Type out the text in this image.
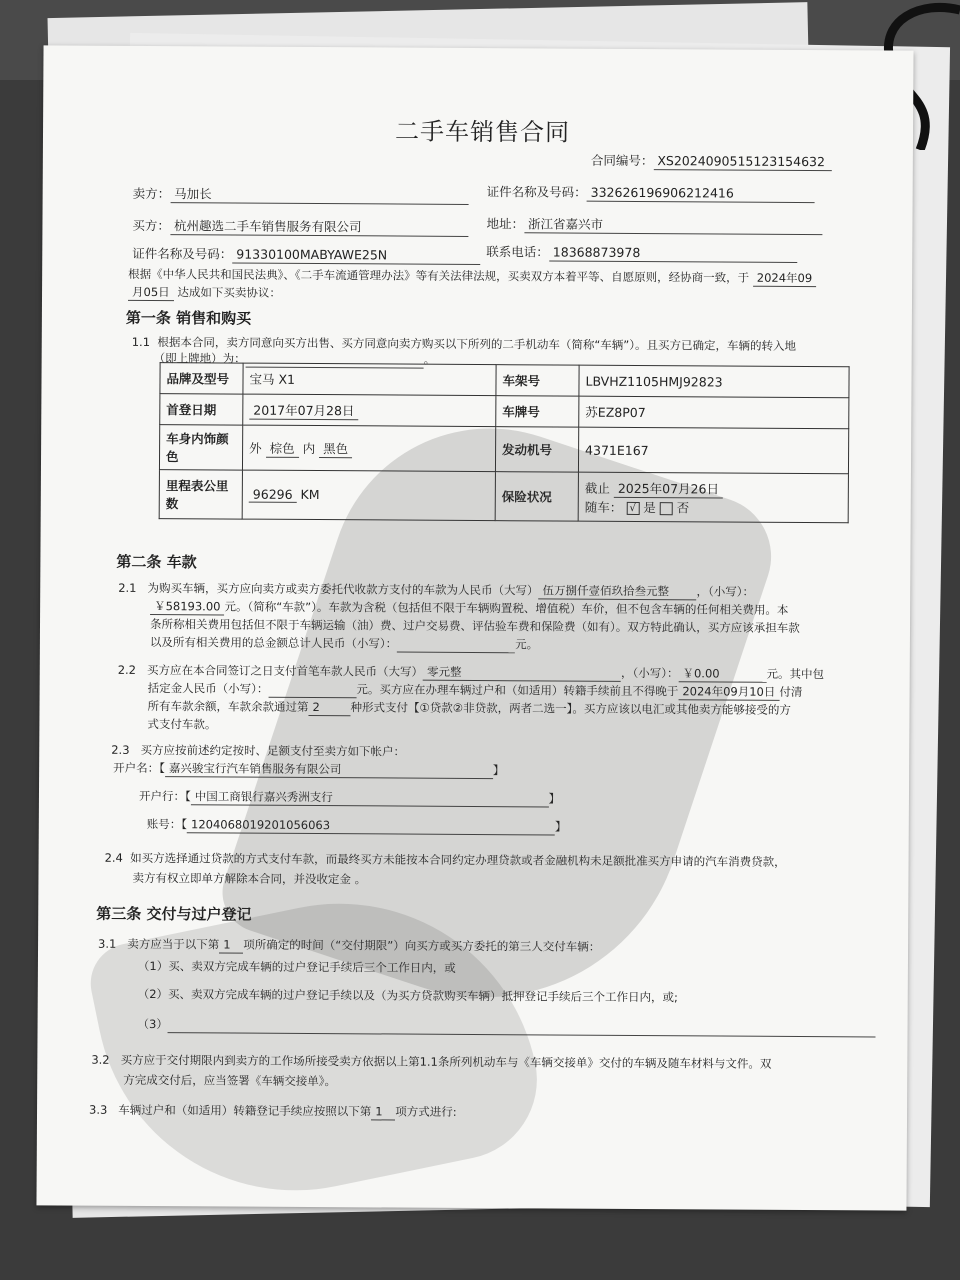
二手车销售合同
合同编号： XS2024090515123154632
卖方： 马加长	证件名称及号码： 332626196906212416
买方： 杭州趣选二手车销售服务有限公司	地址： 浙江省嘉兴市
证件名称及号码： 91330100MABYAWE25N	联系电话： 18368873978
根据《中华人民共和国民法典》、《二手车流通管理办法》等有关法律法规，买卖双方本着平等、自愿原则，经协商一致，于 2024年09
月05日 达成如下买卖协议：
第一条 销售和购买
1.1 根据本合同，卖方同意向买方出售、买方同意向卖方购买以下所列的二手机动车（简称“车辆”）。且买方已确定，车辆的转入地
（即上牌地）为：	。
品牌及型号	宝马 X1	车架号	LBVHZ1105HMJ92823
首登日期	2017年07月28日	车牌号	苏EZ8P07
车身内饰颜色	外 棕色 内 黑色	发动机号	4371E167
里程表公里数	96296 KM	保险状况	截止 2025年07月26日
随车： √ 是 否
第二条 车款
2.1 为购买车辆，买方应向卖方或卖方委托代收款方支付的车款为人民币（大写） 伍万捌仟壹佰玖拾叁元整 ，（小写）：
￥58193.00 元。（简称“车款”）。车款为含税（包括但不限于车辆购置税、增值税）车价，但不包含车辆的任何相关费用。本
条所称相关费用包括但不限于车辆运输（油）费、过户交易费、评估验车费和保险费（如有）。双方特此确认，买方应该承担车款
以及所有相关费用的总金额总计人民币（小写）：	元。
2.2 买方应在本合同签订之日支付首笔车款人民币（大写） 零元整	，（小写）： ￥0.00	元。其中包
括定金人民币（小写）：	元。买方应在办理车辆过户和（如适用）转籍手续前且不得晚于 2024年09月10日 付清
所有车款余额，车款余款通过第 2	种形式支付【①贷款②非贷款，两者二选一】。买方应该以电汇或其他卖方能够接受的方
式支付车款。
2.3 买方应按前述约定按时、足额支付至卖方如下帐户：
开户名：【 嘉兴骏宝行汽车销售服务有限公司	】
开户行：【 中国工商银行嘉兴秀洲支行	】
账号：【 1204068019201056063	】
2.4 如买方选择通过贷款的方式支付车款，而最终买方未能按本合同约定办理贷款或者金融机构未足额批准买方申请的汽车消费贷款，
卖方有权立即单方解除本合同，并没收定金 。
第三条 交付与过户登记
3.1 卖方应当于以下第 1 项所确定的时间（“交付期限”）向买方或买方委托的第三人交付车辆：
（1）买、卖双方完成车辆的过户登记手续后三个工作日内，或
（2）买、卖双方完成车辆的过户登记手续以及（为买方贷款购买车辆）抵押登记手续后三个工作日内，或;
（3）
3.2 买方应于交付期限内到卖方的工作场所接受卖方依据以上第1.1条所列机动车与《车辆交接单》交付的车辆及随车材料与文件。双
方完成交付后，应当签署《车辆交接单》。
3.3 车辆过户和（如适用）转籍登记手续应按照以下第 1 项方式进行:
